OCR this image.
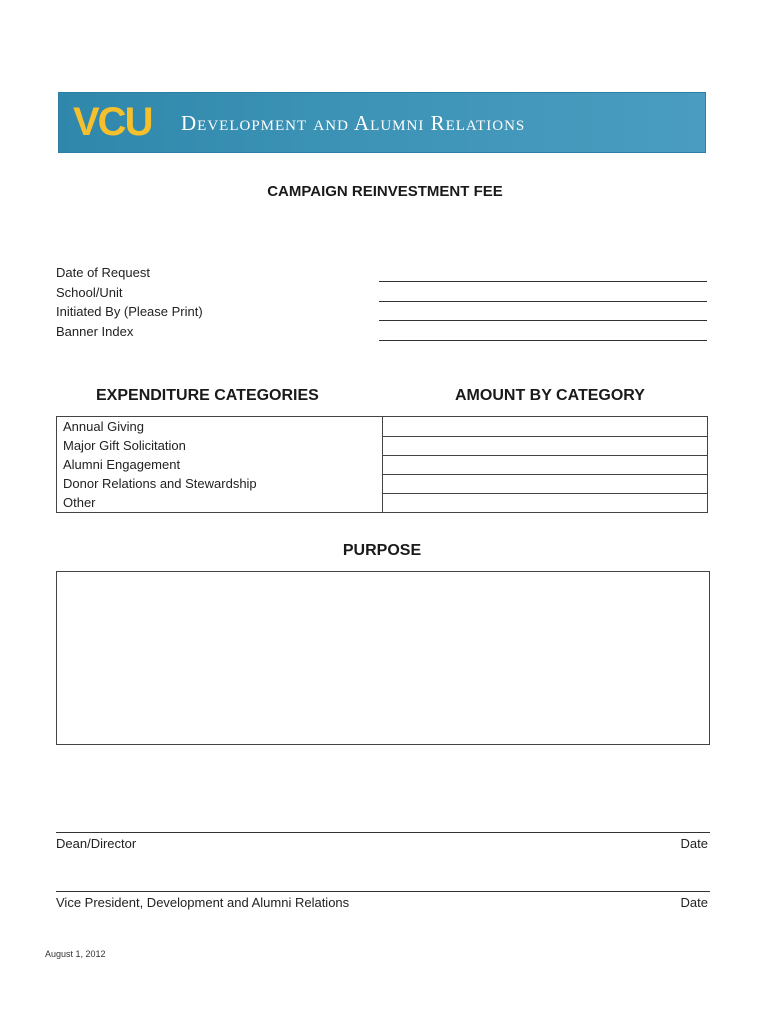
VCU Development and Alumni Relations
CAMPAIGN REINVESTMENT FEE
Date of Request
School/Unit
Initiated By (Please Print)
Banner Index
EXPENDITURE CATEGORIES	AMOUNT BY CATEGORY
Annual Giving	
Major Gift Solicitation	
Alumni Engagement	
Donor Relations and Stewardship	
Other	
PURPOSE
Dean/Director	Date
Vice President, Development and Alumni Relations	Date
August 1, 2012
